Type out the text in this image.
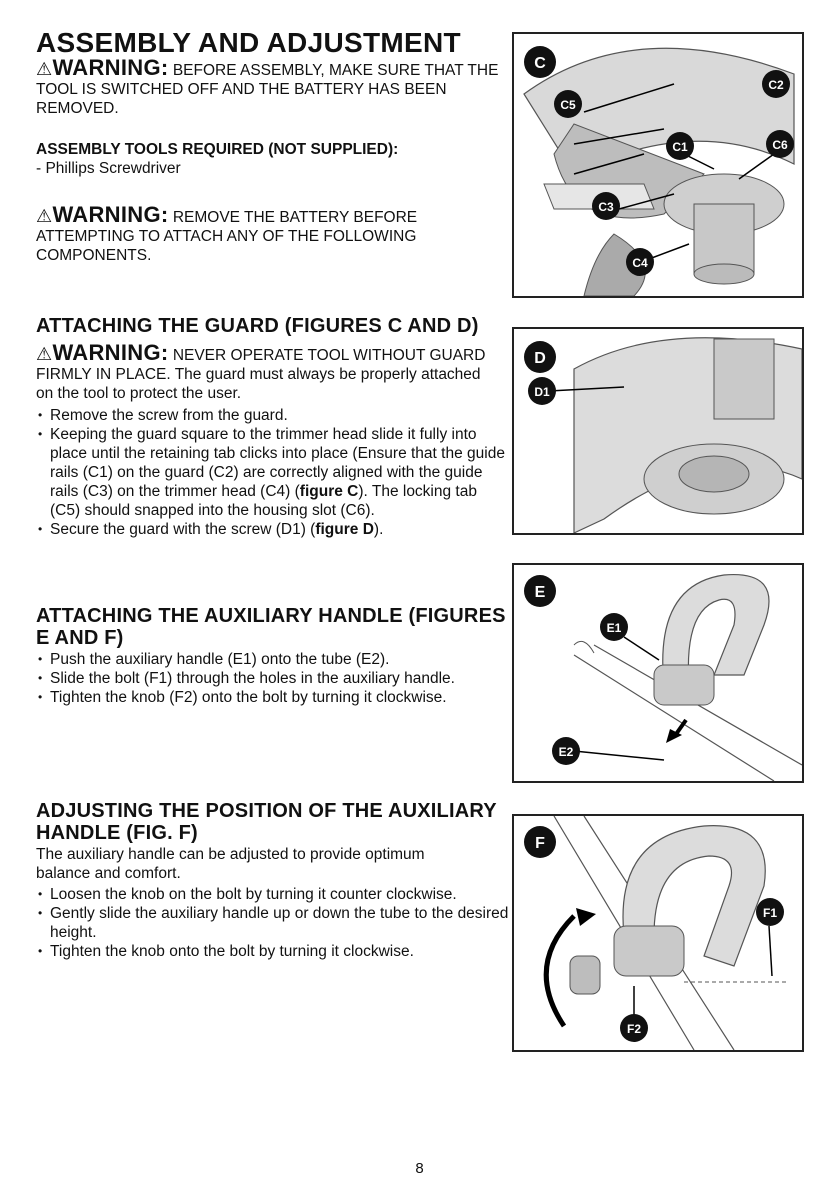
ASSEMBLY AND ADJUSTMENT
⚠WARNING: BEFORE ASSEMBLY, MAKE SURE THAT THE TOOL IS SWITCHED OFF AND THE BATTERY HAS BEEN REMOVED.
ASSEMBLY TOOLS REQUIRED (NOT SUPPLIED):
- Phillips Screwdriver
⚠WARNING: REMOVE THE BATTERY BEFORE ATTEMPTING TO ATTACH ANY OF THE FOLLOWING COMPONENTS.
ATTACHING THE GUARD (FIGURES C AND D)
⚠WARNING: NEVER OPERATE TOOL WITHOUT GUARD FIRMLY IN PLACE. The guard must always be properly attached on the tool to protect the user.
• Remove the screw from the guard.
• Keeping the guard square to the trimmer head slide it fully into place until the retaining tab clicks into place (Ensure that the guide rails (C1) on the guard (C2) are correctly aligned with the guide rails (C3) on the trimmer head (C4) (figure C). The locking tab (C5) should snapped into the housing slot (C6).
• Secure the guard with the screw (D1) (figure D).
ATTACHING THE AUXILIARY HANDLE (FIGURES
E AND F)
• Push the auxiliary handle (E1) onto the tube (E2).
• Slide the bolt (F1) through the holes in the auxiliary handle.
• Tighten the knob (F2) onto the bolt by turning it clockwise.
ADJUSTING THE POSITION OF THE AUXILIARY
HANDLE (FIG. F)
The auxiliary handle can be adjusted to provide optimum balance and comfort.
• Loosen the knob on the bolt by turning it counter clockwise.
• Gently slide the auxiliary handle up or down the tube to the desired height.
• Tighten the knob onto the bolt by turning it clockwise.
C
C2
C5
C1	C6
C3
C4
D
D1
E
E1
E2
F
F1
F2
8
